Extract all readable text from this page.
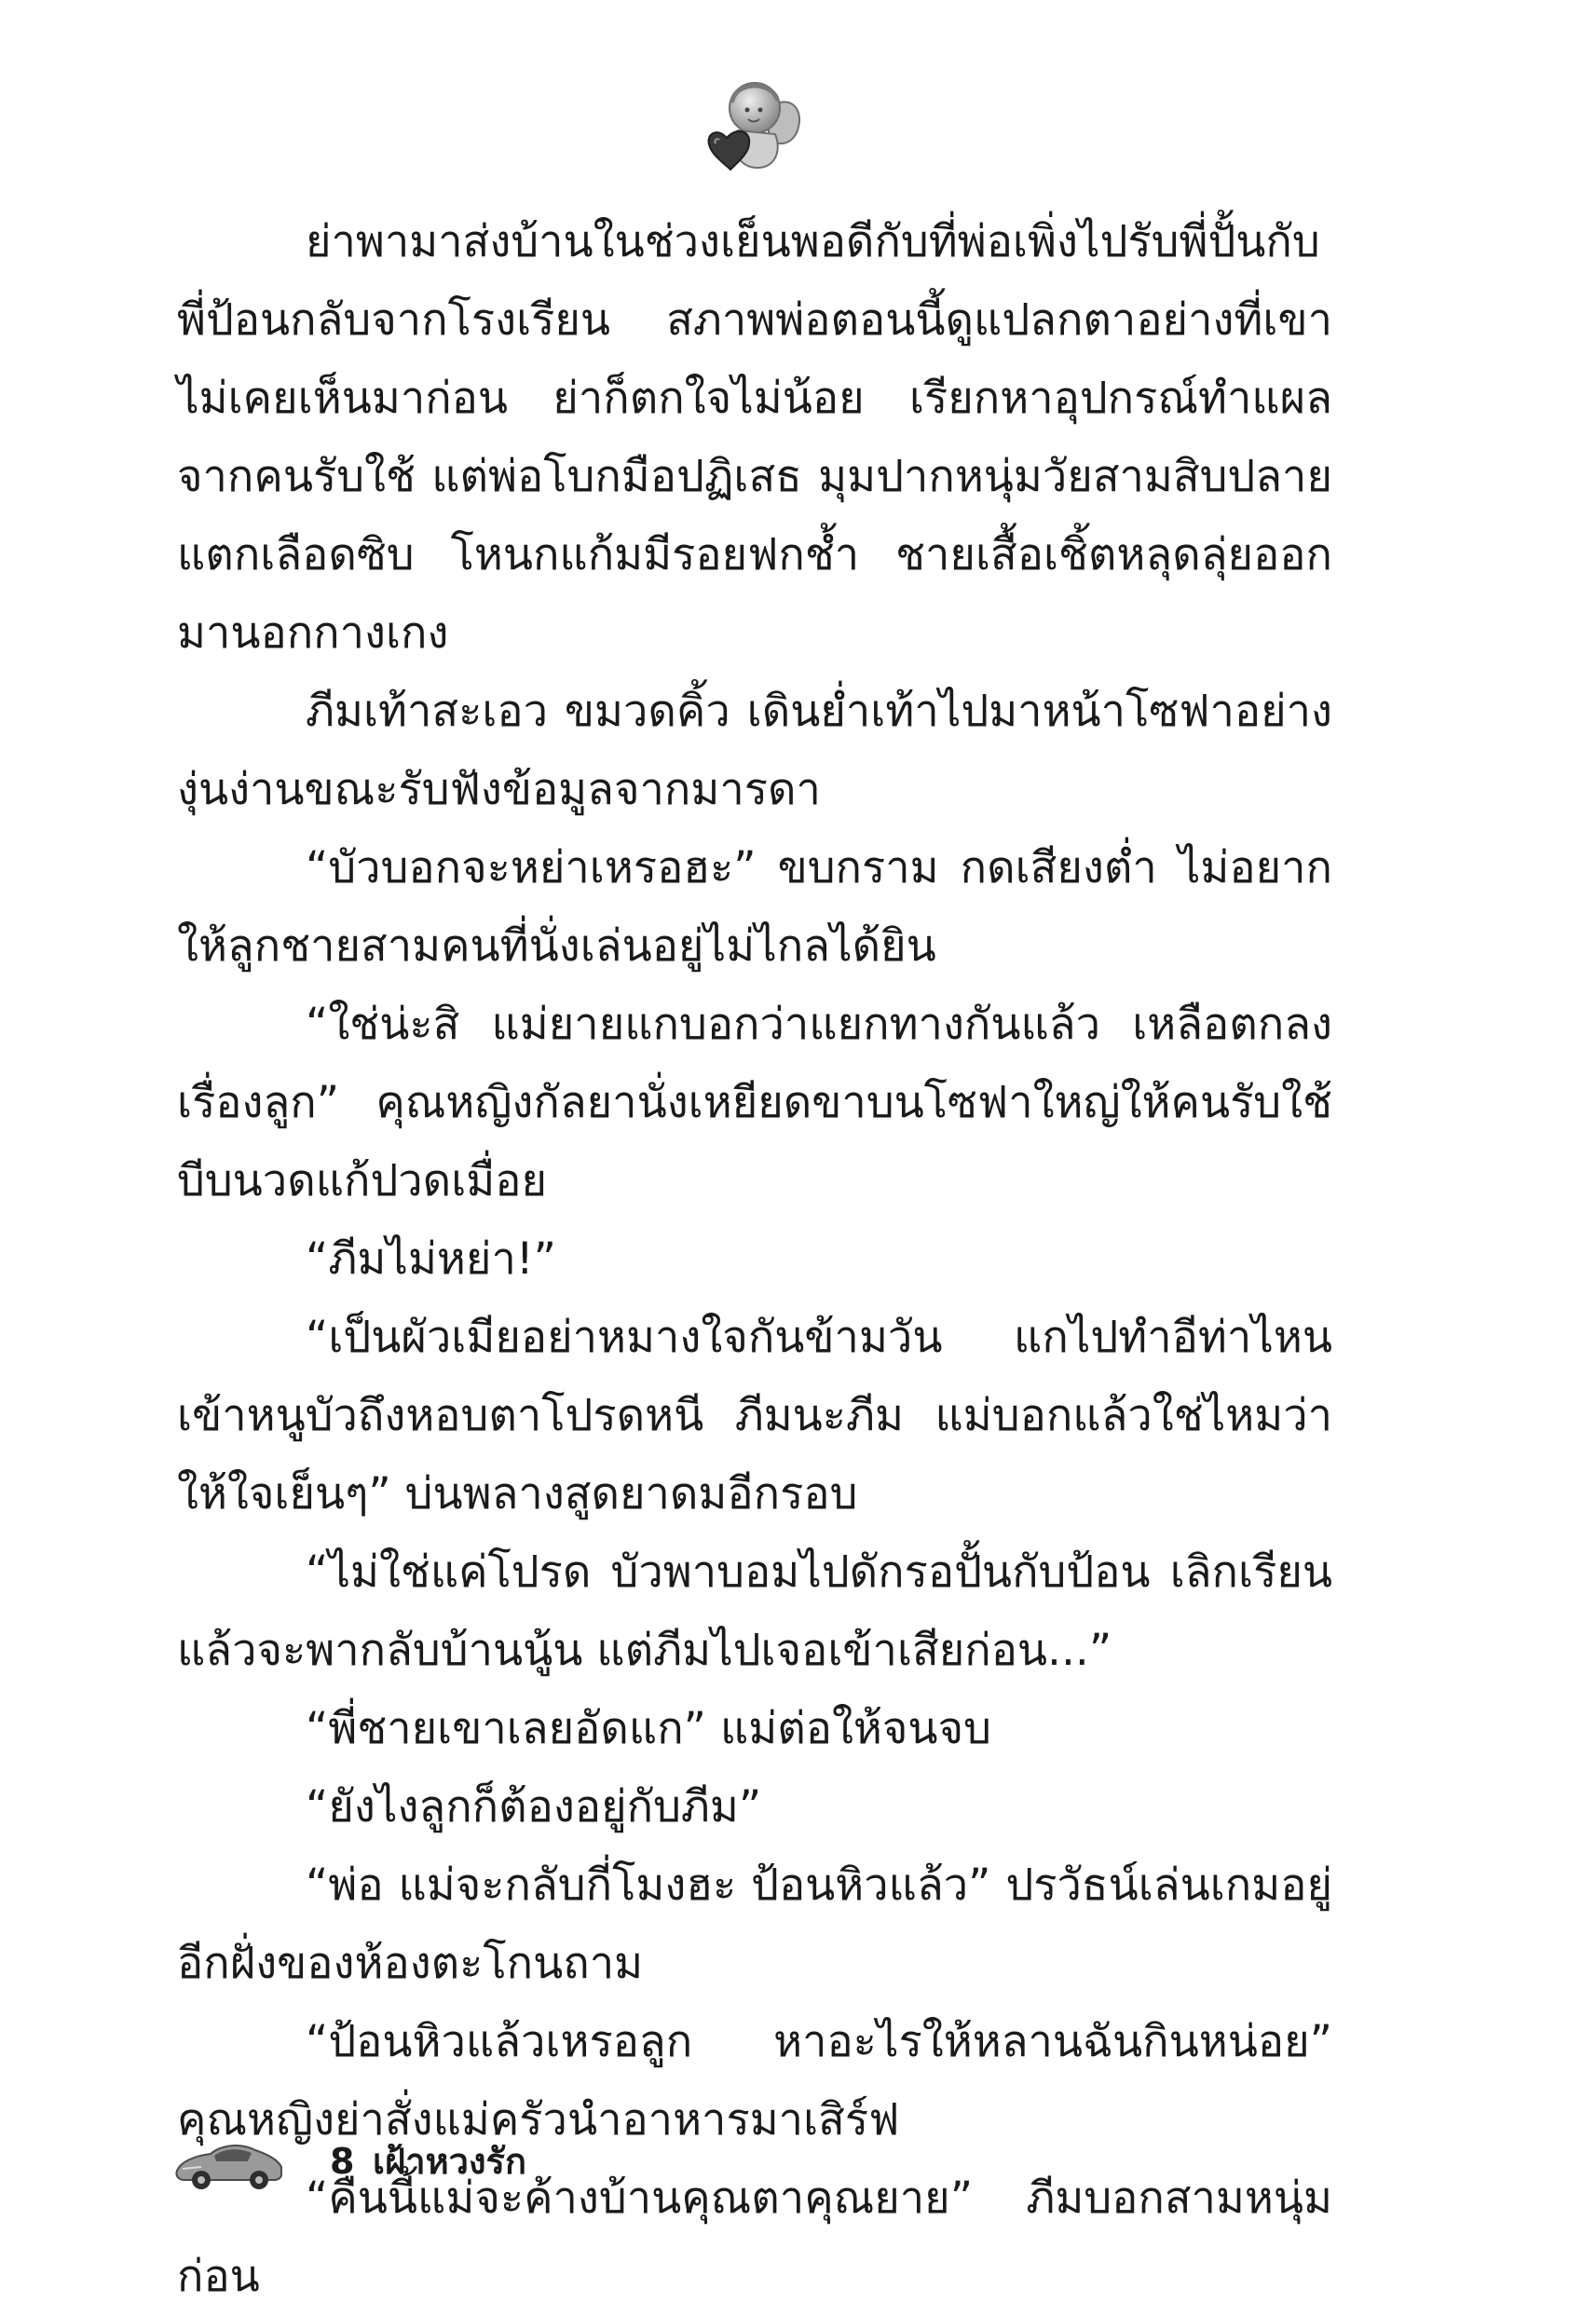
ย่าพามาส่งบ้านในช่วงเย็นพอดีกับที่พ่อเพิ่งไปรับพี่ปั้นกับพี่ป้อนกลับจากโรงเรียน สภาพพ่อตอนนี้ดูแปลกตาอย่างที่เขาไม่เคยเห็นมาก่อน ย่าก็ตกใจไม่น้อย เรียกหาอุปกรณ์ทำแผลจากคนรับใช้ แต่พ่อโบกมือปฏิเสธ มุมปากหนุ่มวัยสามสิบปลายแตกเลือดซิบ โหนกแก้มมีรอยฟกช้ำ ชายเสื้อเชิ้ตหลุดลุ่ยออกมานอกกางเกง

ภีมเท้าสะเอว ขมวดคิ้ว เดินย่ำเท้าไปมาหน้าโซฟาอย่างงุ่นง่านขณะรับฟังข้อมูลจากมารดา

“บัวบอกจะหย่าเหรอฮะ” ขบกราม กดเสียงต่ำ ไม่อยากให้ลูกชายสามคนที่นั่งเล่นอยู่ไม่ไกลได้ยิน

“ใช่น่ะสิ แม่ยายแกบอกว่าแยกทางกันแล้ว เหลือตกลงเรื่องลูก” คุณหญิงกัลยานั่งเหยียดขาบนโซฟาใหญ่ให้คนรับใช้บีบนวดแก้ปวดเมื่อย

“ภีมไม่หย่า!”

“เป็นผัวเมียอย่าหมางใจกันข้ามวัน แกไปทำอีท่าไหนเข้าหนูบัวถึงหอบตาโปรดหนี ภีมนะภีม แม่บอกแล้วใช่ไหมว่าให้ใจเย็นๆ” บ่นพลางสูดยาดมอีกรอบ

“ไม่ใช่แค่โปรด บัวพาบอมไปดักรอปั้นกับป้อน เลิกเรียนแล้วจะพากลับบ้านนู้น แต่ภีมไปเจอเข้าเสียก่อน...”

“พี่ชายเขาเลยอัดแก” แม่ต่อให้จนจบ

“ยังไงลูกก็ต้องอยู่กับภีม”

“พ่อ แม่จะกลับกี่โมงฮะ ป้อนหิวแล้ว” ปรวัธน์เล่นเกมอยู่อีกฝั่งของห้องตะโกนถาม

“ป้อนหิวแล้วเหรอลูก หาอะไรให้หลานฉันกินหน่อย” คุณหญิงย่าสั่งแม่ครัวนำอาหารมาเสิร์ฟ

“คืนนี้แม่จะค้างบ้านคุณตาคุณยาย” ภีมบอกสามหนุ่มก่อน

8 เฝ้าหวงรัก
